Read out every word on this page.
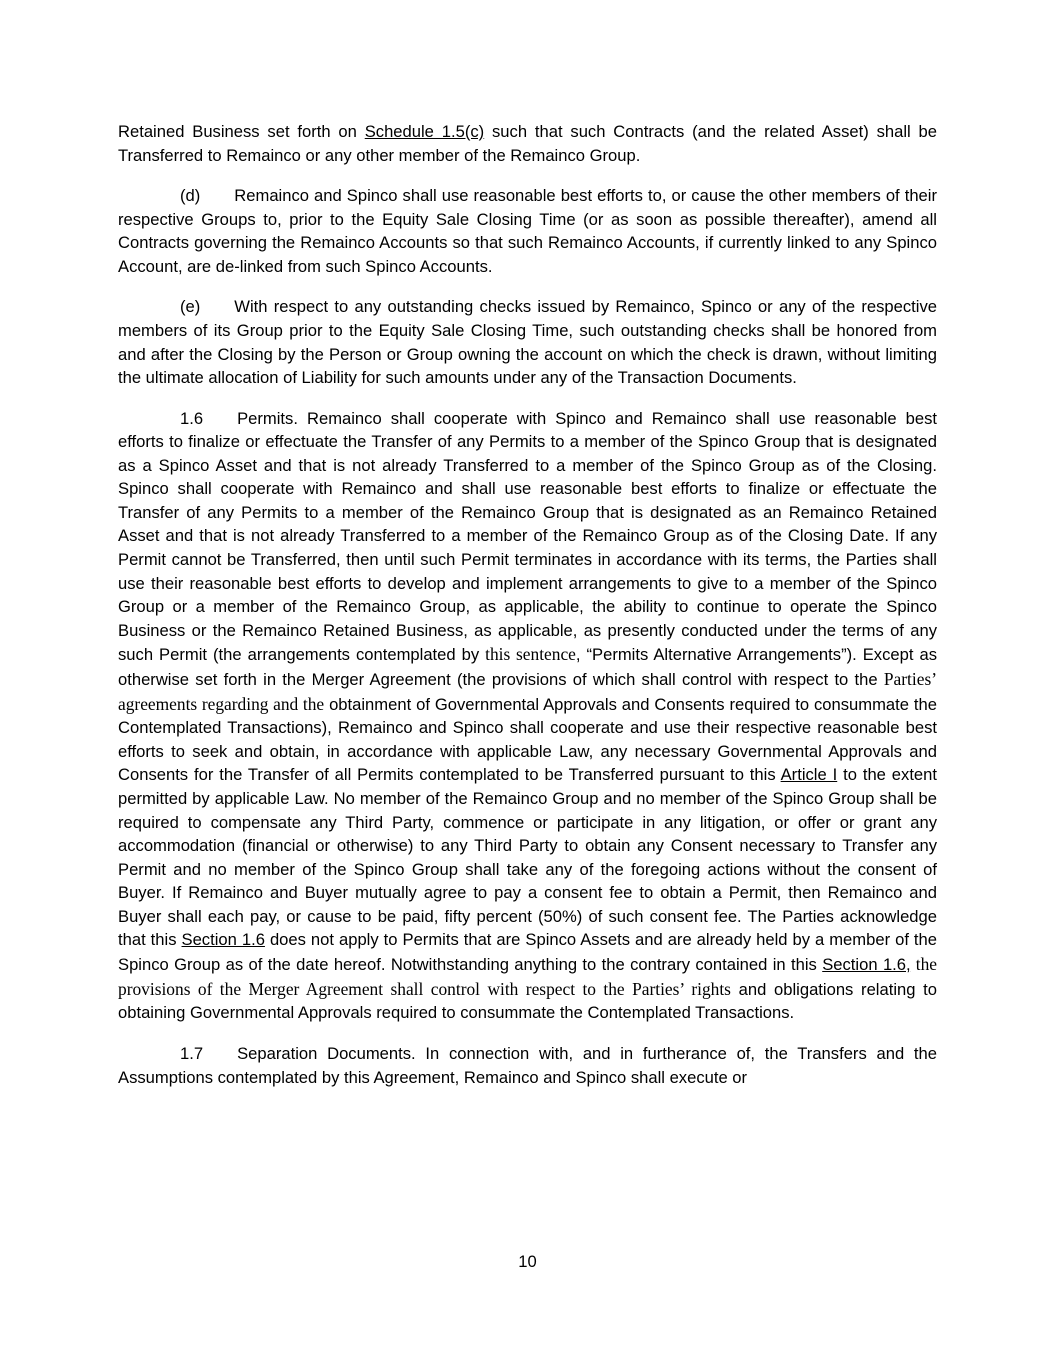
Retained Business set forth on Schedule 1.5(c) such that such Contracts (and the related Asset) shall be Transferred to Remainco or any other member of the Remainco Group.

(d) Remainco and Spinco shall use reasonable best efforts to, or cause the other members of their respective Groups to, prior to the Equity Sale Closing Time (or as soon as possible thereafter), amend all Contracts governing the Remainco Accounts so that such Remainco Accounts, if currently linked to any Spinco Account, are de-linked from such Spinco Accounts.

(e) With respect to any outstanding checks issued by Remainco, Spinco or any of the respective members of its Group prior to the Equity Sale Closing Time, such outstanding checks shall be honored from and after the Closing by the Person or Group owning the account on which the check is drawn, without limiting the ultimate allocation of Liability for such amounts under any of the Transaction Documents.

1.6 Permits. Remainco shall cooperate with Spinco and Remainco shall use reasonable best efforts to finalize or effectuate the Transfer of any Permits to a member of the Spinco Group that is designated as a Spinco Asset and that is not already Transferred to a member of the Spinco Group as of the Closing. Spinco shall cooperate with Remainco and shall use reasonable best efforts to finalize or effectuate the Transfer of any Permits to a member of the Remainco Group that is designated as an Remainco Retained Asset and that is not already Transferred to a member of the Remainco Group as of the Closing Date. If any Permit cannot be Transferred, then until such Permit terminates in accordance with its terms, the Parties shall use their reasonable best efforts to develop and implement arrangements to give to a member of the Spinco Group or a member of the Remainco Group, as applicable, the ability to continue to operate the Spinco Business or the Remainco Retained Business, as applicable, as presently conducted under the terms of any such Permit (the arrangements contemplated by this sentence, “Permits Alternative Arrangements”). Except as otherwise set forth in the Merger Agreement (the provisions of which shall control with respect to the Parties’ agreements regarding and the obtainment of Governmental Approvals and Consents required to consummate the Contemplated Transactions), Remainco and Spinco shall cooperate and use their respective reasonable best efforts to seek and obtain, in accordance with applicable Law, any necessary Governmental Approvals and Consents for the Transfer of all Permits contemplated to be Transferred pursuant to this Article I to the extent permitted by applicable Law. No member of the Remainco Group and no member of the Spinco Group shall be required to compensate any Third Party, commence or participate in any litigation, or offer or grant any accommodation (financial or otherwise) to any Third Party to obtain any Consent necessary to Transfer any Permit and no member of the Spinco Group shall take any of the foregoing actions without the consent of Buyer. If Remainco and Buyer mutually agree to pay a consent fee to obtain a Permit, then Remainco and Buyer shall each pay, or cause to be paid, fifty percent (50%) of such consent fee. The Parties acknowledge that this Section 1.6 does not apply to Permits that are Spinco Assets and are already held by a member of the Spinco Group as of the date hereof. Notwithstanding anything to the contrary contained in this Section 1.6, the provisions of the Merger Agreement shall control with respect to the Parties’ rights and obligations relating to obtaining Governmental Approvals required to consummate the Contemplated Transactions.

1.7 Separation Documents. In connection with, and in furtherance of, the Transfers and the Assumptions contemplated by this Agreement, Remainco and Spinco shall execute or

10
